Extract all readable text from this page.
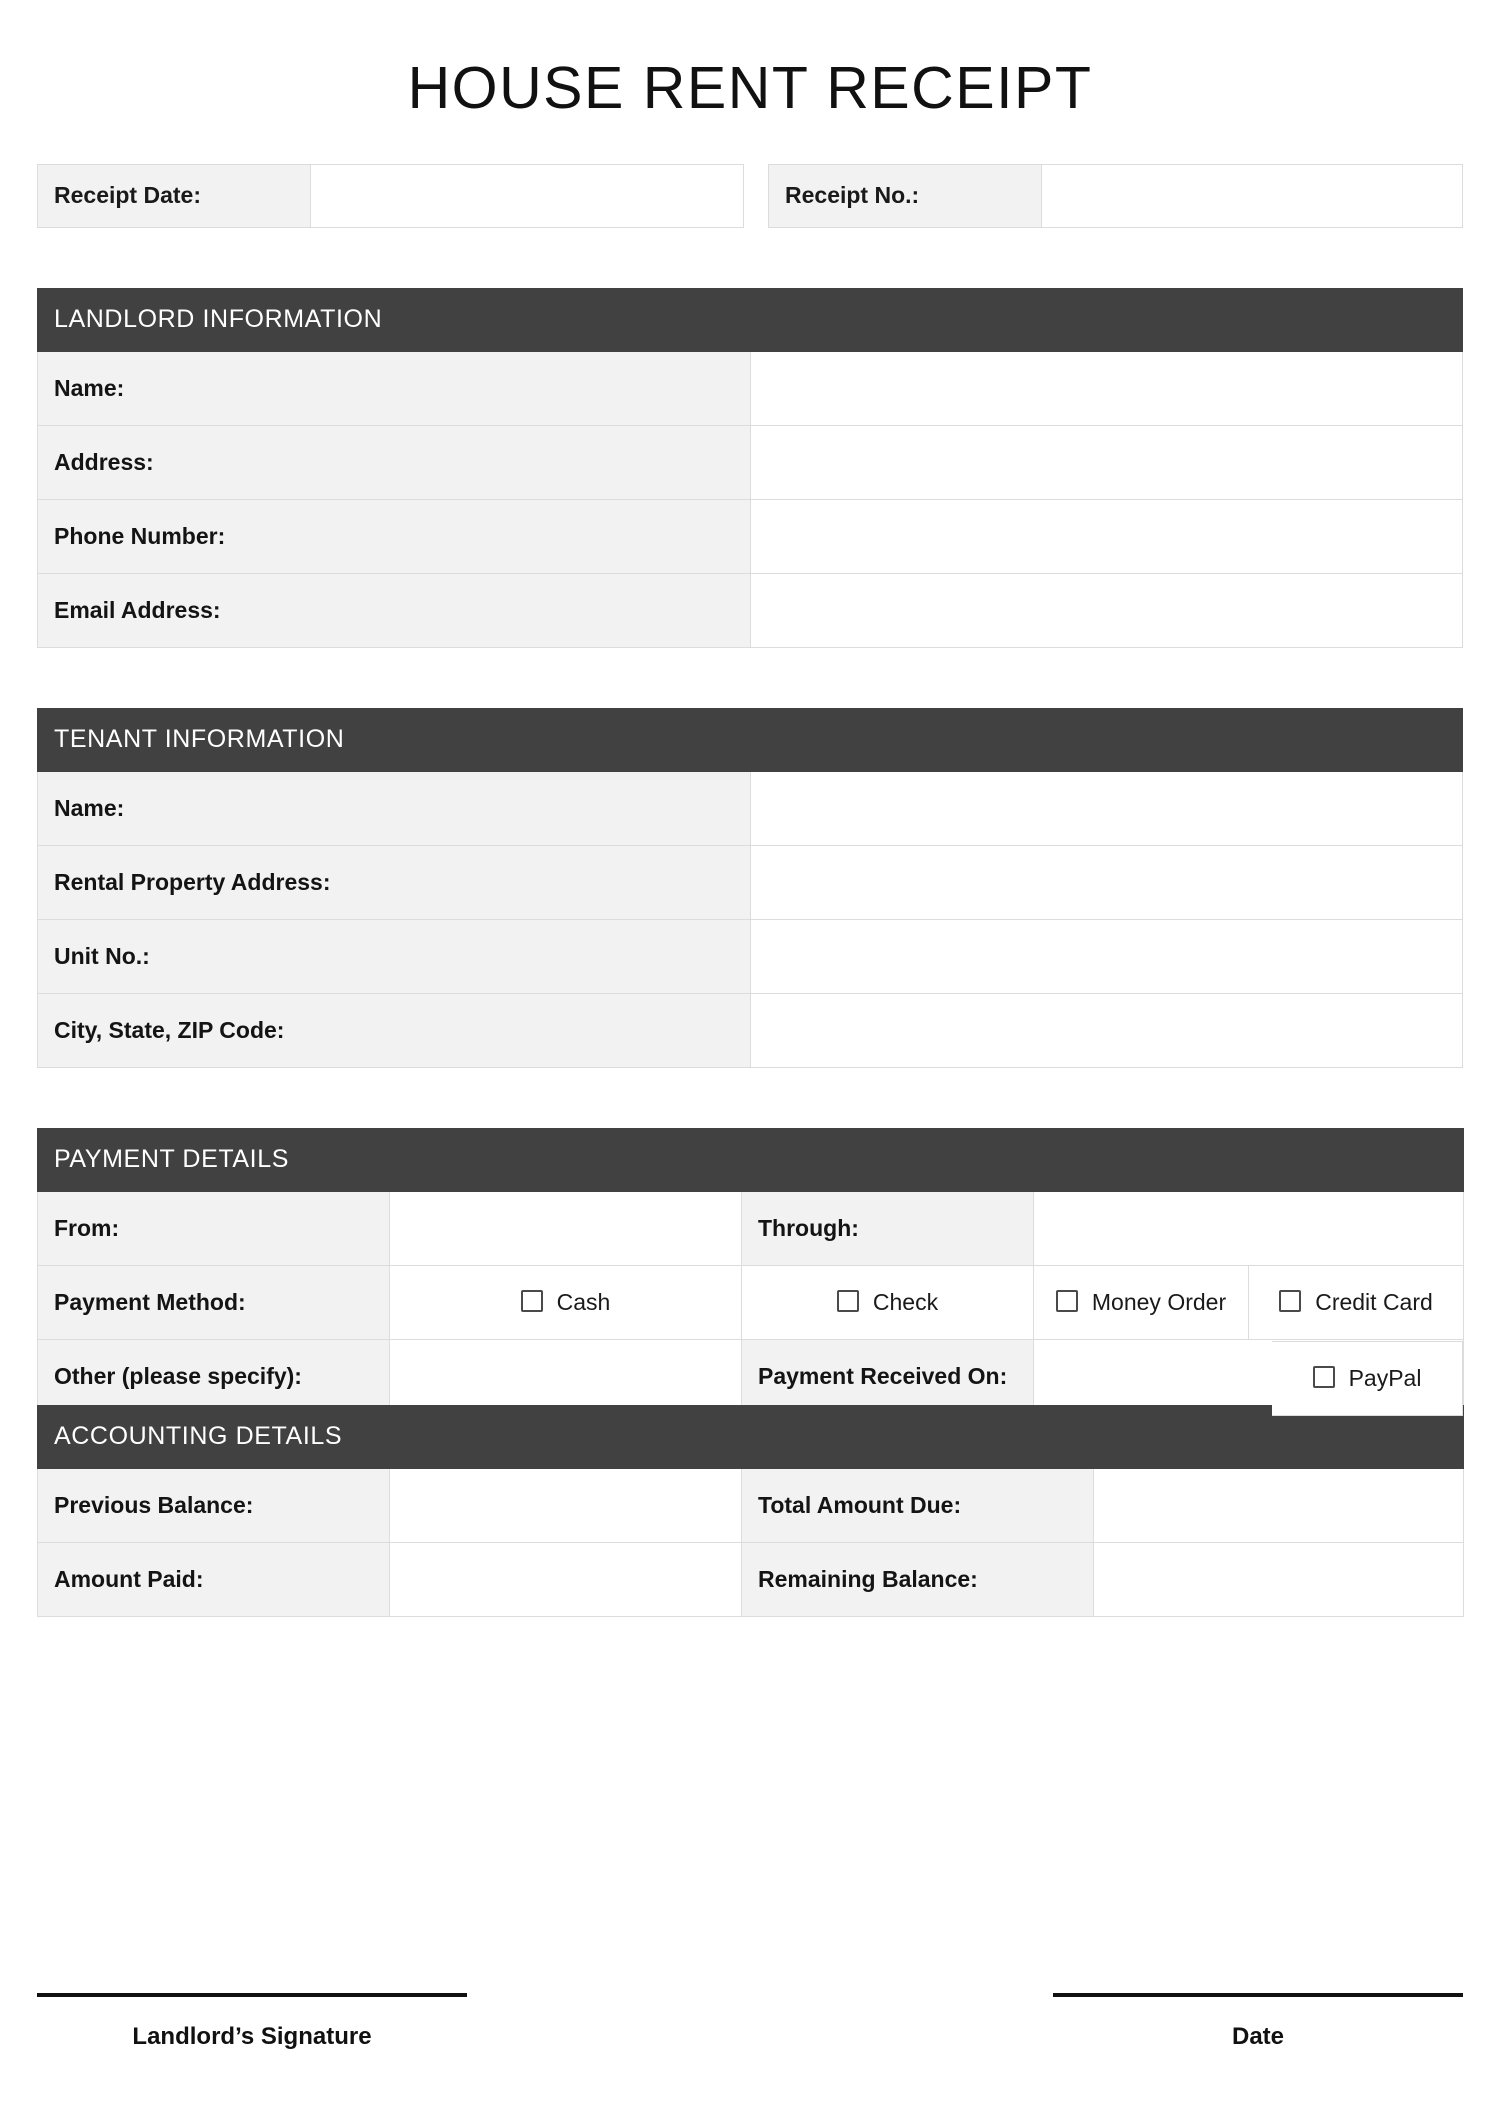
HOUSE RENT RECEIPT
Receipt Date:		Receipt No.:	
LANDLORD INFORMATION	
Name:	
Address:	
Phone Number:	
Email Address:	
TENANT INFORMATION	
Name:	
Rental Property Address:	
Unit No.:	
City, State, ZIP Code:	
PAYMENT DETAILS				
From:		Through:		
Payment Method:	Cash	Check	Money Order	Credit Card
Other (please specify):		Payment Received On:			PayPal
ACCOUNTING DETAILS			
Previous Balance:		Total Amount Due:	
Amount Paid:		Remaining Balance:	
Landlord’s Signature	Date
